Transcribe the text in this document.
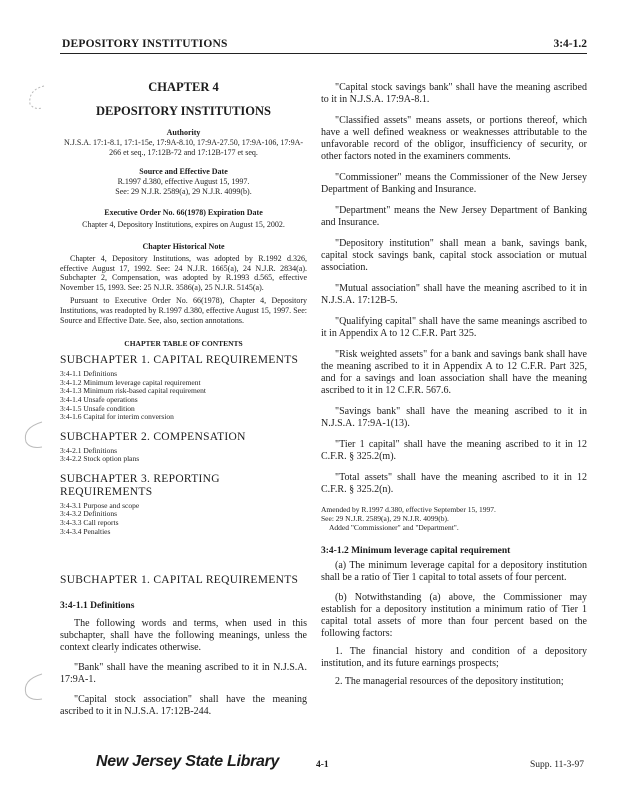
DEPOSITORY INSTITUTIONS	3:4-1.2
CHAPTER 4
DEPOSITORY INSTITUTIONS
Authority
N.J.S.A. 17:1-8.1, 17:1-15e, 17:9A-8.10, 17:9A-27.50, 17:9A-106, 17:9A-266 et seq., 17:12B-72 and 17:12B-177 et seq.
Source and Effective Date
R.1997 d.380, effective August 15, 1997.
See: 29 N.J.R. 2589(a), 29 N.J.R. 4099(b).
Executive Order No. 66(1978) Expiration Date
Chapter 4, Depository Institutions, expires on August 15, 2002.
Chapter Historical Note
Chapter 4, Depository Institutions, was adopted by R.1992 d.326, effective August 17, 1992. See: 24 N.J.R. 1665(a), 24 N.J.R. 2834(a). Subchapter 2, Compensation, was adopted by R.1993 d.565, effective November 15, 1993. See: 25 N.J.R. 3586(a), 25 N.J.R. 5145(a).
Pursuant to Executive Order No. 66(1978), Chapter 4, Depository Institutions, was readopted by R.1997 d.380, effective August 15, 1997. See: Source and Effective Date. See, also, section annotations.
CHAPTER TABLE OF CONTENTS
SUBCHAPTER 1. CAPITAL REQUIREMENTS
3:4-1.1 Definitions
3:4-1.2 Minimum leverage capital requirement
3:4-1.3 Minimum risk-based capital requirement
3:4-1.4 Unsafe operations
3:4-1.5 Unsafe condition
3:4-1.6 Capital for interim conversion
SUBCHAPTER 2. COMPENSATION
3:4-2.1 Definitions
3:4-2.2 Stock option plans
SUBCHAPTER 3. REPORTING REQUIREMENTS
3:4-3.1 Purpose and scope
3:4-3.2 Definitions
3:4-3.3 Call reports
3:4-3.4 Penalties
SUBCHAPTER 1. CAPITAL REQUIREMENTS
3:4-1.1 Definitions
The following words and terms, when used in this subchapter, shall have the following meanings, unless the context clearly indicates otherwise.
"Bank" shall have the meaning ascribed to it in N.J.S.A. 17:9A-1.
"Capital stock association" shall have the meaning ascribed to it in N.J.S.A. 17:12B-244.
"Capital stock savings bank" shall have the meaning ascribed to it in N.J.S.A. 17:9A-8.1.
"Classified assets" means assets, or portions thereof, which have a well defined weakness or weaknesses attributable to the unfavorable record of the obligor, insufficiency of security, or other factors noted in the examiners comments.
"Commissioner" means the Commissioner of the New Jersey Department of Banking and Insurance.
"Department" means the New Jersey Department of Banking and Insurance.
"Depository institution" shall mean a bank, savings bank, capital stock savings bank, capital stock association or mutual association.
"Mutual association" shall have the meaning ascribed to it in N.J.S.A. 17:12B-5.
"Qualifying capital" shall have the same meanings ascribed to it in Appendix A to 12 C.F.R. Part 325.
"Risk weighted assets" for a bank and savings bank shall have the meaning ascribed to it in Appendix A to 12 C.F.R. Part 325, and for a savings and loan association shall have the meaning ascribed to it in 12 C.F.R. 567.6.
"Savings bank" shall have the meaning ascribed to it in N.J.S.A. 17:9A-1(13).
"Tier 1 capital" shall have the meaning ascribed to it in 12 C.F.R. § 325.2(m).
"Total assets" shall have the meaning ascribed to it in 12 C.F.R. § 325.2(n).
Amended by R.1997 d.380, effective September 15, 1997.
See: 29 N.J.R. 2589(a), 29 N.J.R. 4099(b).
Added "Commissioner" and "Department".
3:4-1.2 Minimum leverage capital requirement
(a) The minimum leverage capital for a depository institution shall be a ratio of Tier 1 capital to total assets of four percent.
(b) Notwithstanding (a) above, the Commissioner may establish for a depository institution a minimum ratio of Tier 1 capital total assets of more than four percent based on the following factors:
1. The financial history and condition of a depository institution, and its future earnings prospects;
2. The managerial resources of the depository institution;
New Jersey State Library	4-1	Supp. 11-3-97
